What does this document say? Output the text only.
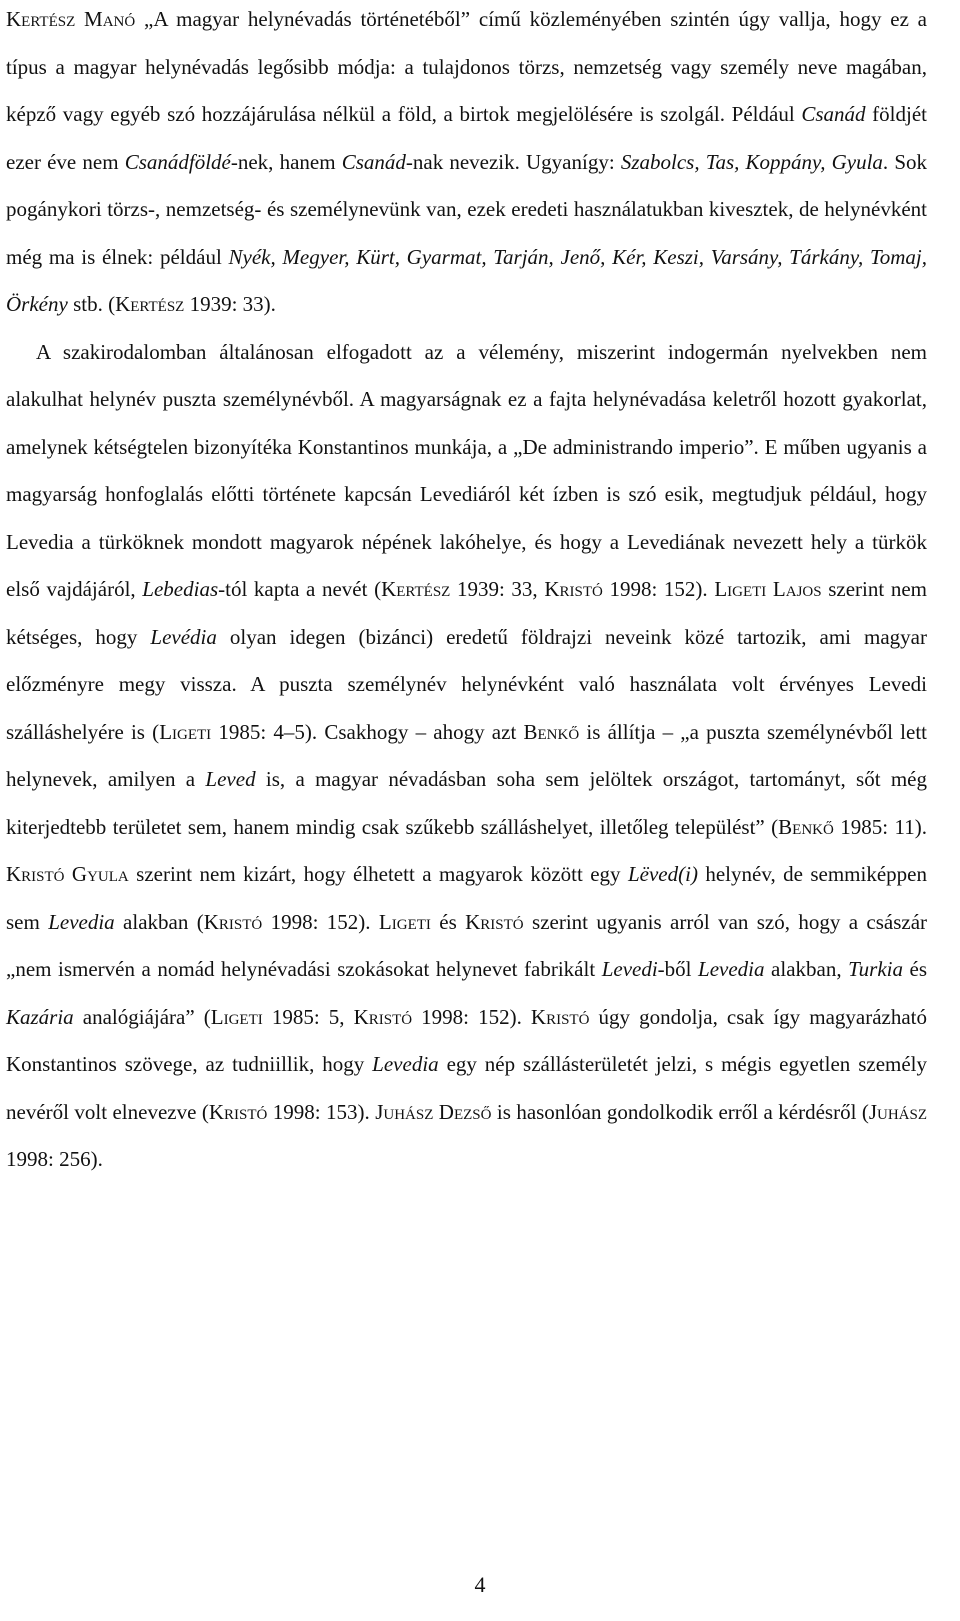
Kertész Manó „A magyar helynévadás történetéből” című közleményében szintén úgy vallja, hogy ez a típus a magyar helynévadás legősibb módja: a tulajdonos törzs, nemzetség vagy személy neve magában, képző vagy egyéb szó hozzájárulása nélkül a föld, a birtok megjelölésére is szolgál. Például Csanád földjét ezer éve nem Csanádföldé-nek, hanem Csanád-nak nevezik. Ugyanígy: Szabolcs, Tas, Koppány, Gyula. Sok pogánykori törzs-, nemzetség- és személynevünk van, ezek eredeti használatukban kivesztek, de helynévként még ma is élnek: például Nyék, Megyer, Kürt, Gyarmat, Tarján, Jenő, Kér, Keszi, Varsány, Tárkány, Tomaj, Örkény stb. (Kertész 1939: 33).

A szakirodalomban általánosan elfogadott az a vélemény, miszerint indogermán nyelvekben nem alakulhat helynév puszta személynévből. A magyarságnak ez a fajta helynévadása keletről hozott gyakorlat, amelynek kétségtelen bizonyítéka Konstantinos munkája, a „De administrando imperio”. E műben ugyanis a magyarság honfoglalás előtti története kapcsán Levediáról két ízben is szó esik, megtudjuk például, hogy Levedia a türköknek mondott magyarok népének lakóhelye, és hogy a Levediának nevezett hely a türkök első vajdájáról, Lebedias-tól kapta a nevét (Kertész 1939: 33, Kristó 1998: 152). Ligeti Lajos szerint nem kétséges, hogy Levédia olyan idegen (bizánci) eredetű földrajzi neveink közé tartozik, ami magyar előzményre megy vissza. A puszta személynév helynévként való használata volt érvényes Levedi szálláshelyére is (Ligeti 1985: 4–5). Csakhogy – ahogy azt Benkő is állítja – „a puszta személynévből lett helynevek, amilyen a Leved is, a magyar névadásban soha sem jelöltek országot, tartományt, sőt még kiterjedtebb területet sem, hanem mindig csak szűkebb szálláshelyet, illetőleg települést” (Benkő 1985: 11). Kristó Gyula szerint nem kizárt, hogy élhetett a magyarok között egy Lëved(i) helynév, de semmiképpen sem Levedia alakban (Kristó 1998: 152). Ligeti és Kristó szerint ugyanis arról van szó, hogy a császár „nem ismervén a nomád helynévadási szokásokat helynevet fabrikált Levedi-ből Levedia alakban, Turkia és Kazária analógiájára” (Ligeti 1985: 5, Kristó 1998: 152). Kristó úgy gondolja, csak így magyarázható Konstantinos szövege, az tudniillik, hogy Levedia egy nép szállásterületét jelzi, s mégis egyetlen személy nevéről volt elnevezve (Kristó 1998: 153). Juhász Dezső is hasonlóan gondolkodik erről a kérdésről (Juhász 1998: 256).

4
